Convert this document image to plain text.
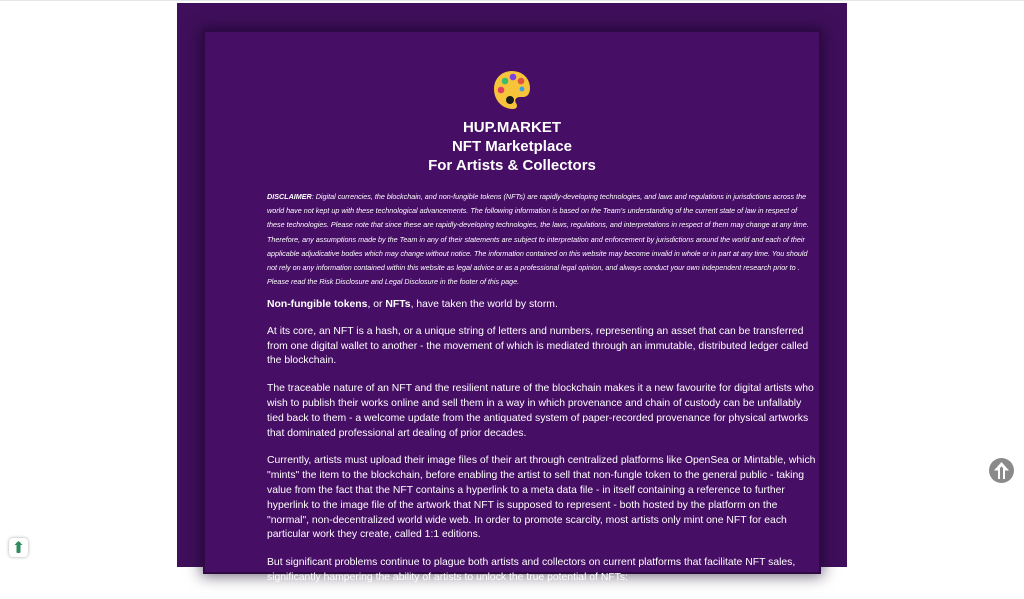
HUP.MARKET
NFT Marketplace
For Artists & Collectors
DISCLAIMER: Digital currencies, the blockchain, and non-fungible tokens (NFTs) are rapidly-developing technologies, and laws and regulations in jurisdictions across the world have not kept up with these technological advancements. The following information is based on the Team's understanding of the current state of law in respect of these technologies. Please note that since these are rapidly-developing technologies, the laws, regulations, and interpretations in respect of them may change at any time. Therefore, any assumptions made by the Team in any of their statements are subject to interpretation and enforcement by jurisdictions around the world and each of their applicable adjudicative bodies which may change without notice. The information contained on this website may become invalid in whole or in part at any time. You should not rely on any information contained within this website as legal advice or as a professional legal opinion, and always conduct your own independent research prior to . Please read the Risk Disclosure and Legal Disclosure in the footer of this page.

Non-fungible tokens, or NFTs, have taken the world by storm.

At its core, an NFT is a hash, or a unique string of letters and numbers, representing an asset that can be transferred from one digital wallet to another - the movement of which is mediated through an immutable, distributed ledger called the blockchain.

The traceable nature of an NFT and the resilient nature of the blockchain makes it a new favourite for digital artists who wish to publish their works online and sell them in a way in which provenance and chain of custody can be unfallably tied back to them - a welcome update from the antiquated system of paper-recorded provenance for physical artworks that dominated professional art dealing of prior decades.

Currently, artists must upload their image files of their art through centralized platforms like OpenSea or Mintable, which "mints" the item to the blockchain, before enabling the artist to sell that non-fungle token to the general public - taking value from the fact that the NFT contains a hyperlink to a meta data file - in itself containing a reference to further hyperlink to the image file of the artwork that NFT is supposed to represent - both hosted by the platform on the "normal", non-decentralized world wide web. In order to promote scarcity, most artists only mint one NFT for each particular work they create, called 1:1 editions.

But significant problems continue to plague both artists and collectors on current platforms that facilitate NFT sales, significantly hampering the ability of artists to unlock the true potential of NFTs:
